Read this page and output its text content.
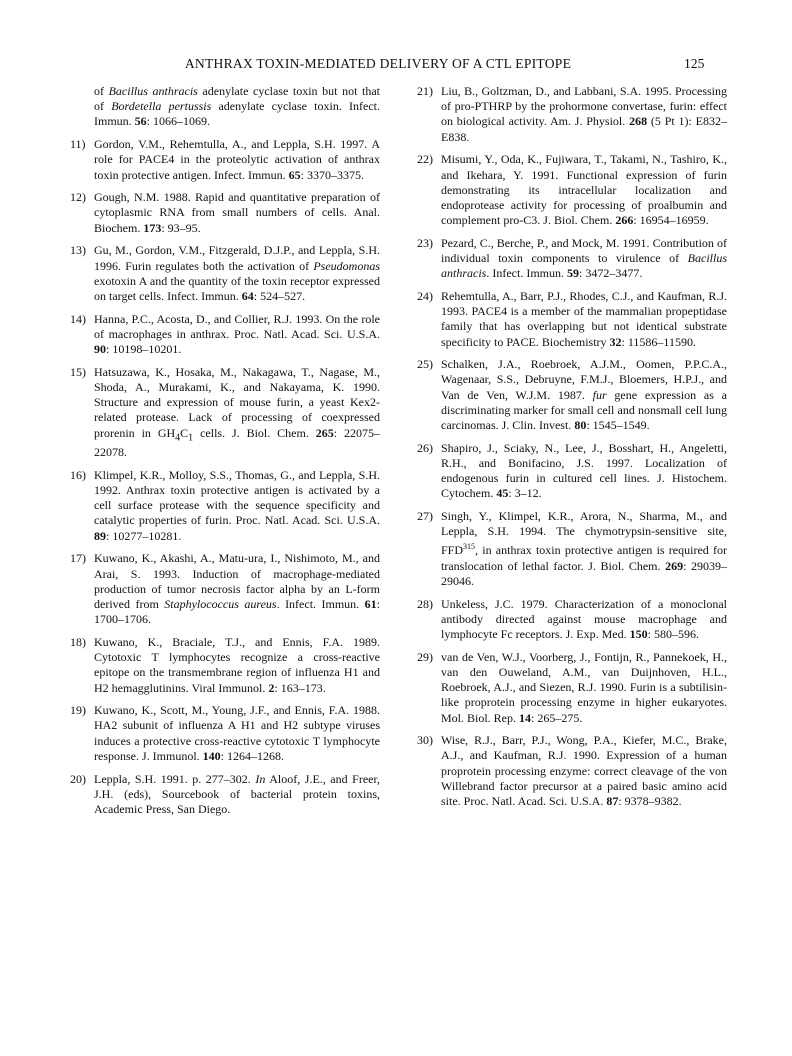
ANTHRAX TOXIN-MEDIATED DELIVERY OF A CTL EPITOPE	125

of Bacillus anthracis adenylate cyclase toxin but not that of Bordetella pertussis adenylate cyclase toxin. Infect. Immun. 56: 1066–1069.

11) Gordon, V.M., Rehemtulla, A., and Leppla, S.H. 1997. A role for PACE4 in the proteolytic activation of anthrax toxin protective antigen. Infect. Immun. 65: 3370–3375.

12) Gough, N.M. 1988. Rapid and quantitative preparation of cytoplasmic RNA from small numbers of cells. Anal. Biochem. 173: 93–95.

13) Gu, M., Gordon, V.M., Fitzgerald, D.J.P., and Leppla, S.H. 1996. Furin regulates both the activation of Pseudomonas exotoxin A and the quantity of the toxin receptor expressed on target cells. Infect. Immun. 64: 524–527.

14) Hanna, P.C., Acosta, D., and Collier, R.J. 1993. On the role of macrophages in anthrax. Proc. Natl. Acad. Sci. U.S.A. 90: 10198–10201.

15) Hatsuzawa, K., Hosaka, M., Nakagawa, T., Nagase, M., Shoda, A., Murakami, K., and Nakayama, K. 1990. Structure and expression of mouse furin, a yeast Kex2-related protease. Lack of processing of coexpressed prorenin in $GH_4C_1$ cells. J. Biol. Chem. 265: 22075–22078.

16) Klimpel, K.R., Molloy, S.S., Thomas, G., and Leppla, S.H. 1992. Anthrax toxin protective antigen is activated by a cell surface protease with the sequence specificity and catalytic properties of furin. Proc. Natl. Acad. Sci. U.S.A. 89: 10277–10281.

17) Kuwano, K., Akashi, A., Matu-ura, I., Nishimoto, M., and Arai, S. 1993. Induction of macrophage-mediated production of tumor necrosis factor alpha by an L-form derived from Staphylococcus aureus. Infect. Immun. 61: 1700–1706.

18) Kuwano, K., Braciale, T.J., and Ennis, F.A. 1989. Cytotoxic T lymphocytes recognize a cross-reactive epitope on the transmembrane region of influenza H1 and H2 hemagglutinins. Viral Immunol. 2: 163–173.

19) Kuwano, K., Scott, M., Young, J.F., and Ennis, F.A. 1988. HA2 subunit of influenza A H1 and H2 subtype viruses induces a protective cross-reactive cytotoxic T lymphocyte response. J. Immunol. 140: 1264–1268.

20) Leppla, S.H. 1991. p. 277–302. In Aloof, J.E., and Freer, J.H. (eds), Sourcebook of bacterial protein toxins, Academic Press, San Diego.

21) Liu, B., Goltzman, D., and Labbani, S.A. 1995. Processing of pro-PTHRP by the prohormone convertase, furin: effect on biological activity. Am. J. Physiol. 268 (5 Pt 1): E832–E838.

22) Misumi, Y., Oda, K., Fujiwara, T., Takami, N., Tashiro, K., and Ikehara, Y. 1991. Functional expression of furin demonstrating its intracellular localization and endoprotease activity for processing of proalbumin and complement pro-C3. J. Biol. Chem. 266: 16954–16959.

23) Pezard, C., Berche, P., and Mock, M. 1991. Contribution of individual toxin components to virulence of Bacillus anthracis. Infect. Immun. 59: 3472–3477.

24) Rehemtulla, A., Barr, P.J., Rhodes, C.J., and Kaufman, R.J. 1993. PACE4 is a member of the mammalian propeptidase family that has overlapping but not identical substrate specificity to PACE. Biochemistry 32: 11586–11590.

25) Schalken, J.A., Roebroek, A.J.M., Oomen, P.P.C.A., Wagenaar, S.S., Debruyne, F.M.J., Bloemers, H.P.J., and Van de Ven, W.J.M. 1987. fur gene expression as a discriminating marker for small cell and nonsmall cell lung carcinomas. J. Clin. Invest. 80: 1545–1549.

26) Shapiro, J., Sciaky, N., Lee, J., Bosshart, H., Angeletti, R.H., and Bonifacino, J.S. 1997. Localization of endogenous furin in cultured cell lines. J. Histochem. Cytochem. 45: 3–12.

27) Singh, Y., Klimpel, K.R., Arora, N., Sharma, M., and Leppla, S.H. 1994. The chymotrypsin-sensitive site, FFD$^{315}$, in anthrax toxin protective antigen is required for translocation of lethal factor. J. Biol. Chem. 269: 29039–29046.

28) Unkeless, J.C. 1979. Characterization of a monoclonal antibody directed against mouse macrophage and lymphocyte Fc receptors. J. Exp. Med. 150: 580–596.

29) van de Ven, W.J., Voorberg, J., Fontijn, R., Pannekoek, H., van den Ouweland, A.M., van Duijnhoven, H.L., Roebroek, A.J., and Siezen, R.J. 1990. Furin is a subtilisin-like proprotein processing enzyme in higher eukaryotes. Mol. Biol. Rep. 14: 265–275.

30) Wise, R.J., Barr, P.J., Wong, P.A., Kiefer, M.C., Brake, A.J., and Kaufman, R.J. 1990. Expression of a human proprotein processing enzyme: correct cleavage of the von Willebrand factor precursor at a paired basic amino acid site. Proc. Natl. Acad. Sci. U.S.A. 87: 9378–9382.
